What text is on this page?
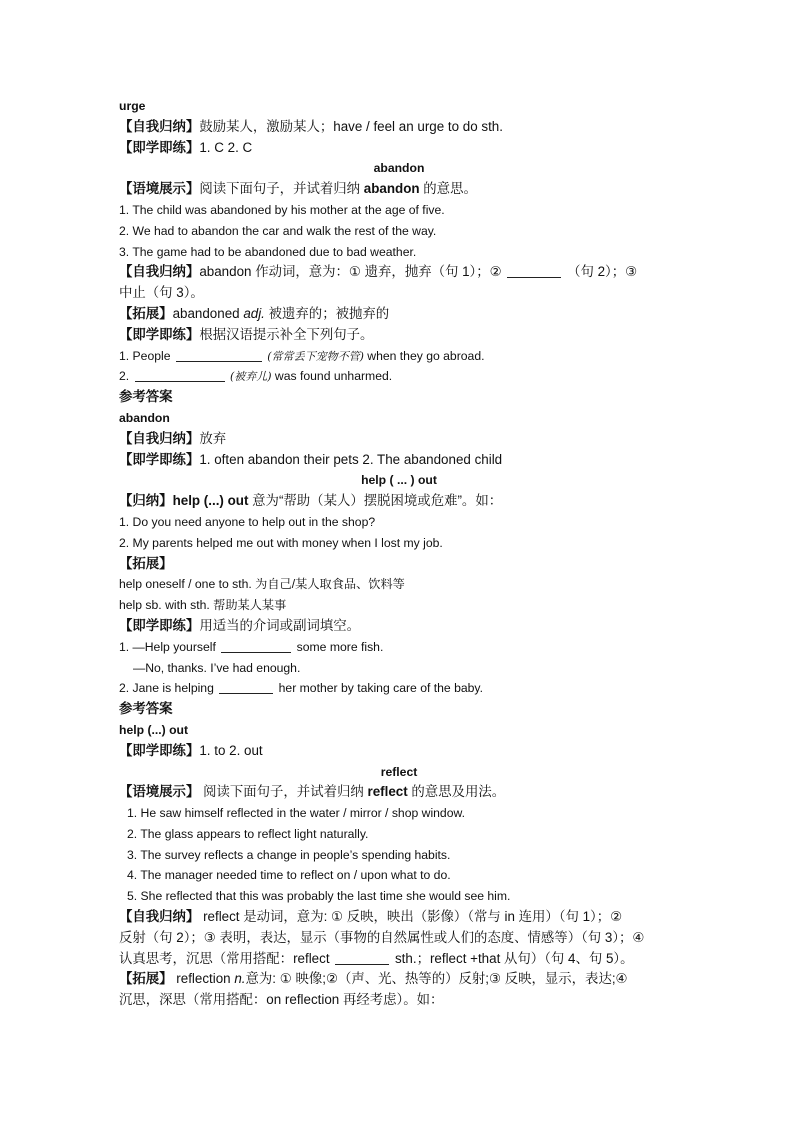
urge
【自我归纳】鼓励某人，激励某人；have / feel an urge to do sth.
【即学即练】1. C 2. C
abandon
【语境展示】阅读下面句子，并试着归纳 abandon 的意思。
1. The child was abandoned by his mother at the age of five.
2. We had to abandon the car and walk the rest of the way.
3. The game had to be abandoned due to bad weather.
【自我归纳】abandon 作动词，意为：① 遗弃，抛弃（句 1）；②	（句 2）；③
中止（句 3）。
【拓展】abandoned adj. 被遗弃的；被抛弃的
【即学即练】根据汉语提示补全下列句子。
1. People	(常常丢下宠物不管) when they go abroad.
2.	(被弃儿) was found unharmed.
参考答案
abandon
【自我归纳】放弃
【即学即练】1. often abandon their pets 2. The abandoned child
help ( ... ) out
【归纳】help (...) out 意为“帮助（某人）摆脱困境或危难”。如：
1. Do you need anyone to help out in the shop?
2. My parents helped me out with money when I lost my job.
【拓展】
help oneself / one to sth. 为自己/某人取食品、饮料等
help sb. with sth. 帮助某人某事
【即学即练】用适当的介词或副词填空。
1. —Help yourself	some more fish.
—No, thanks. I’ve had enough.
2. Jane is helping	her mother by taking care of the baby.
参考答案
help (...) out
【即学即练】1. to 2. out
reflect
【语境展示】 阅读下面句子，并试着归纳 reflect 的意思及用法。
1. He saw himself reflected in the water / mirror / shop window.
2. The glass appears to reflect light naturally.
3. The survey reflects a change in people’s spending habits.
4. The manager needed time to reflect on / upon what to do.
5. She reflected that this was probably the last time she would see him.
【自我归纳】 reflect 是动词，意为: ① 反映，映出（影像）（常与 in 连用）（句 1）；②
反射（句 2）；③ 表明，表达，显示（事物的自然属性或人们的态度、情感等）（句 3）；④
认真思考，沉思（常用搭配：reflect	sth.；reflect +that 从句）（句 4、句 5）。
【拓展】 reflection n.意为: ① 映像;②（声、光、热等的）反射;③ 反映，显示，表达;④
沉思，深思（常用搭配：on reflection 再经考虑）。如：
